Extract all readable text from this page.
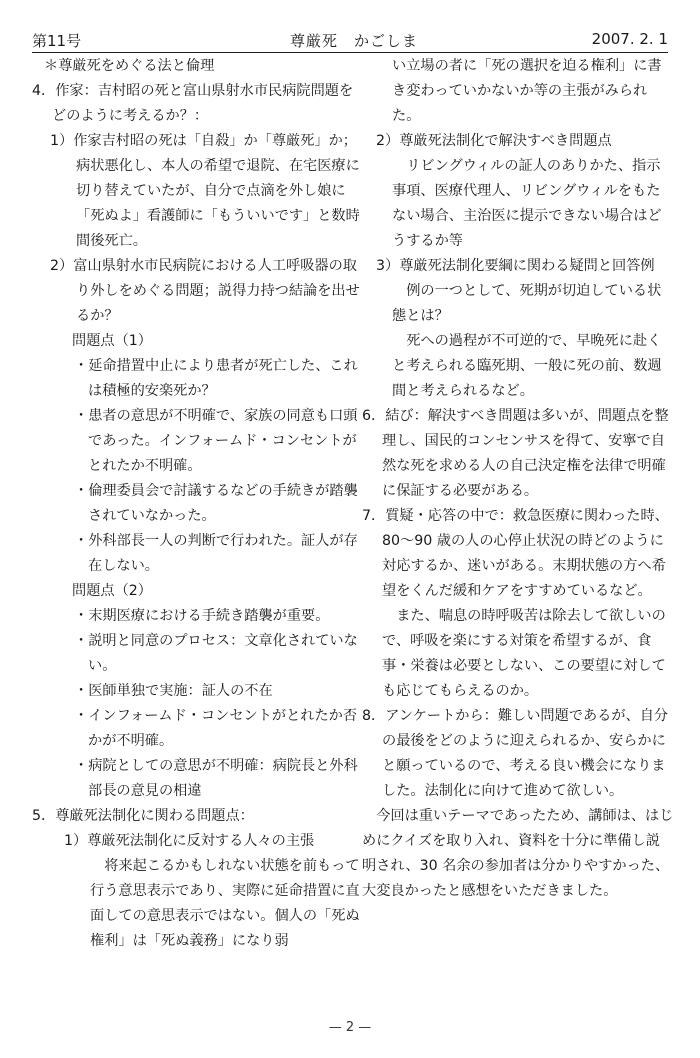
第11号	尊厳死　かごしま	2007. 2. 1

＊尊厳死をめぐる法と倫理

4．作家：吉村昭の死と富山県射水市民病院問題をどのように考えるか？：

1）作家吉村昭の死は「自殺」か「尊厳死」か；病状悪化し、本人の希望で退院、在宅医療に切り替えていたが、自分で点滴を外し娘に「死ぬよ」看護師に「もういいです」と数時間後死亡。

2）富山県射水市民病院における人工呼吸器の取り外しをめぐる問題；説得力持つ結論を出せるか？

問題点（1）

・延命措置中止により患者が死亡した、これは積極的安楽死か？

・患者の意思が不明確で、家族の同意も口頭であった。インフォームド・コンセントがとれたか不明確。

・倫理委員会で討議するなどの手続きが踏襲されていなかった。

・外科部長一人の判断で行われた。証人が存在しない。

問題点（2）

・末期医療における手続き踏襲が重要。

・説明と同意のプロセス：文章化されていない。

・医師単独で実施：証人の不在

・インフォームド・コンセントがとれたか否かが不明確。

・病院としての意思が不明確：病院長と外科部長の意見の相違

5．尊厳死法制化に関わる問題点：

1）尊厳死法制化に反対する人々の主張

　将来起こるかもしれない状態を前もって行う意思表示であり、実際に延命措置に直面しての意思表示ではない。個人の「死ぬ権利」は「死ぬ義務」になり弱

い立場の者に「死の選択を迫る権利」に書き変わっていかないか等の主張がみられた。

2）尊厳死法制化で解決すべき問題点

　リビングウィルの証人のありかた、指示事項、医療代理人、リビングウィルをもたない場合、主治医に提示できない場合はどうするか等

3）尊厳死法制化要綱に関わる疑問と回答例

　例の一つとして、死期が切迫している状態とは？

　死への過程が不可逆的で、早晩死に赴くと考えられる臨死期、一般に死の前、数週間と考えられるなど。

6．結び：解決すべき問題は多いが、問題点を整理し、国民的コンセンサスを得て、安寧で自然な死を求める人の自己決定権を法律で明確に保証する必要がある。

7．質疑・応答の中で：救急医療に関わった時、80～90 歳の人の心停止状況の時どのように対応するか、迷いがある。末期状態の方へ希望をくんだ緩和ケアをすすめているなど。

　また、喘息の時呼吸苦は除去して欲しいので、呼吸を楽にする対策を希望するが、食事・栄養は必要としない、この要望に対しても応じてもらえるのか。

8．アンケートから：難しい問題であるが、自分の最後をどのように迎えられるか、安らかにと願っているので、考える良い機会になりました。法制化に向けて進めて欲しい。

　今回は重いテーマであったため、講師は、はじめにクイズを取り入れ、資料を十分に準備し説明され、30 名余の参加者は分かりやすかった、大変良かったと感想をいただきました。

— 2 —
